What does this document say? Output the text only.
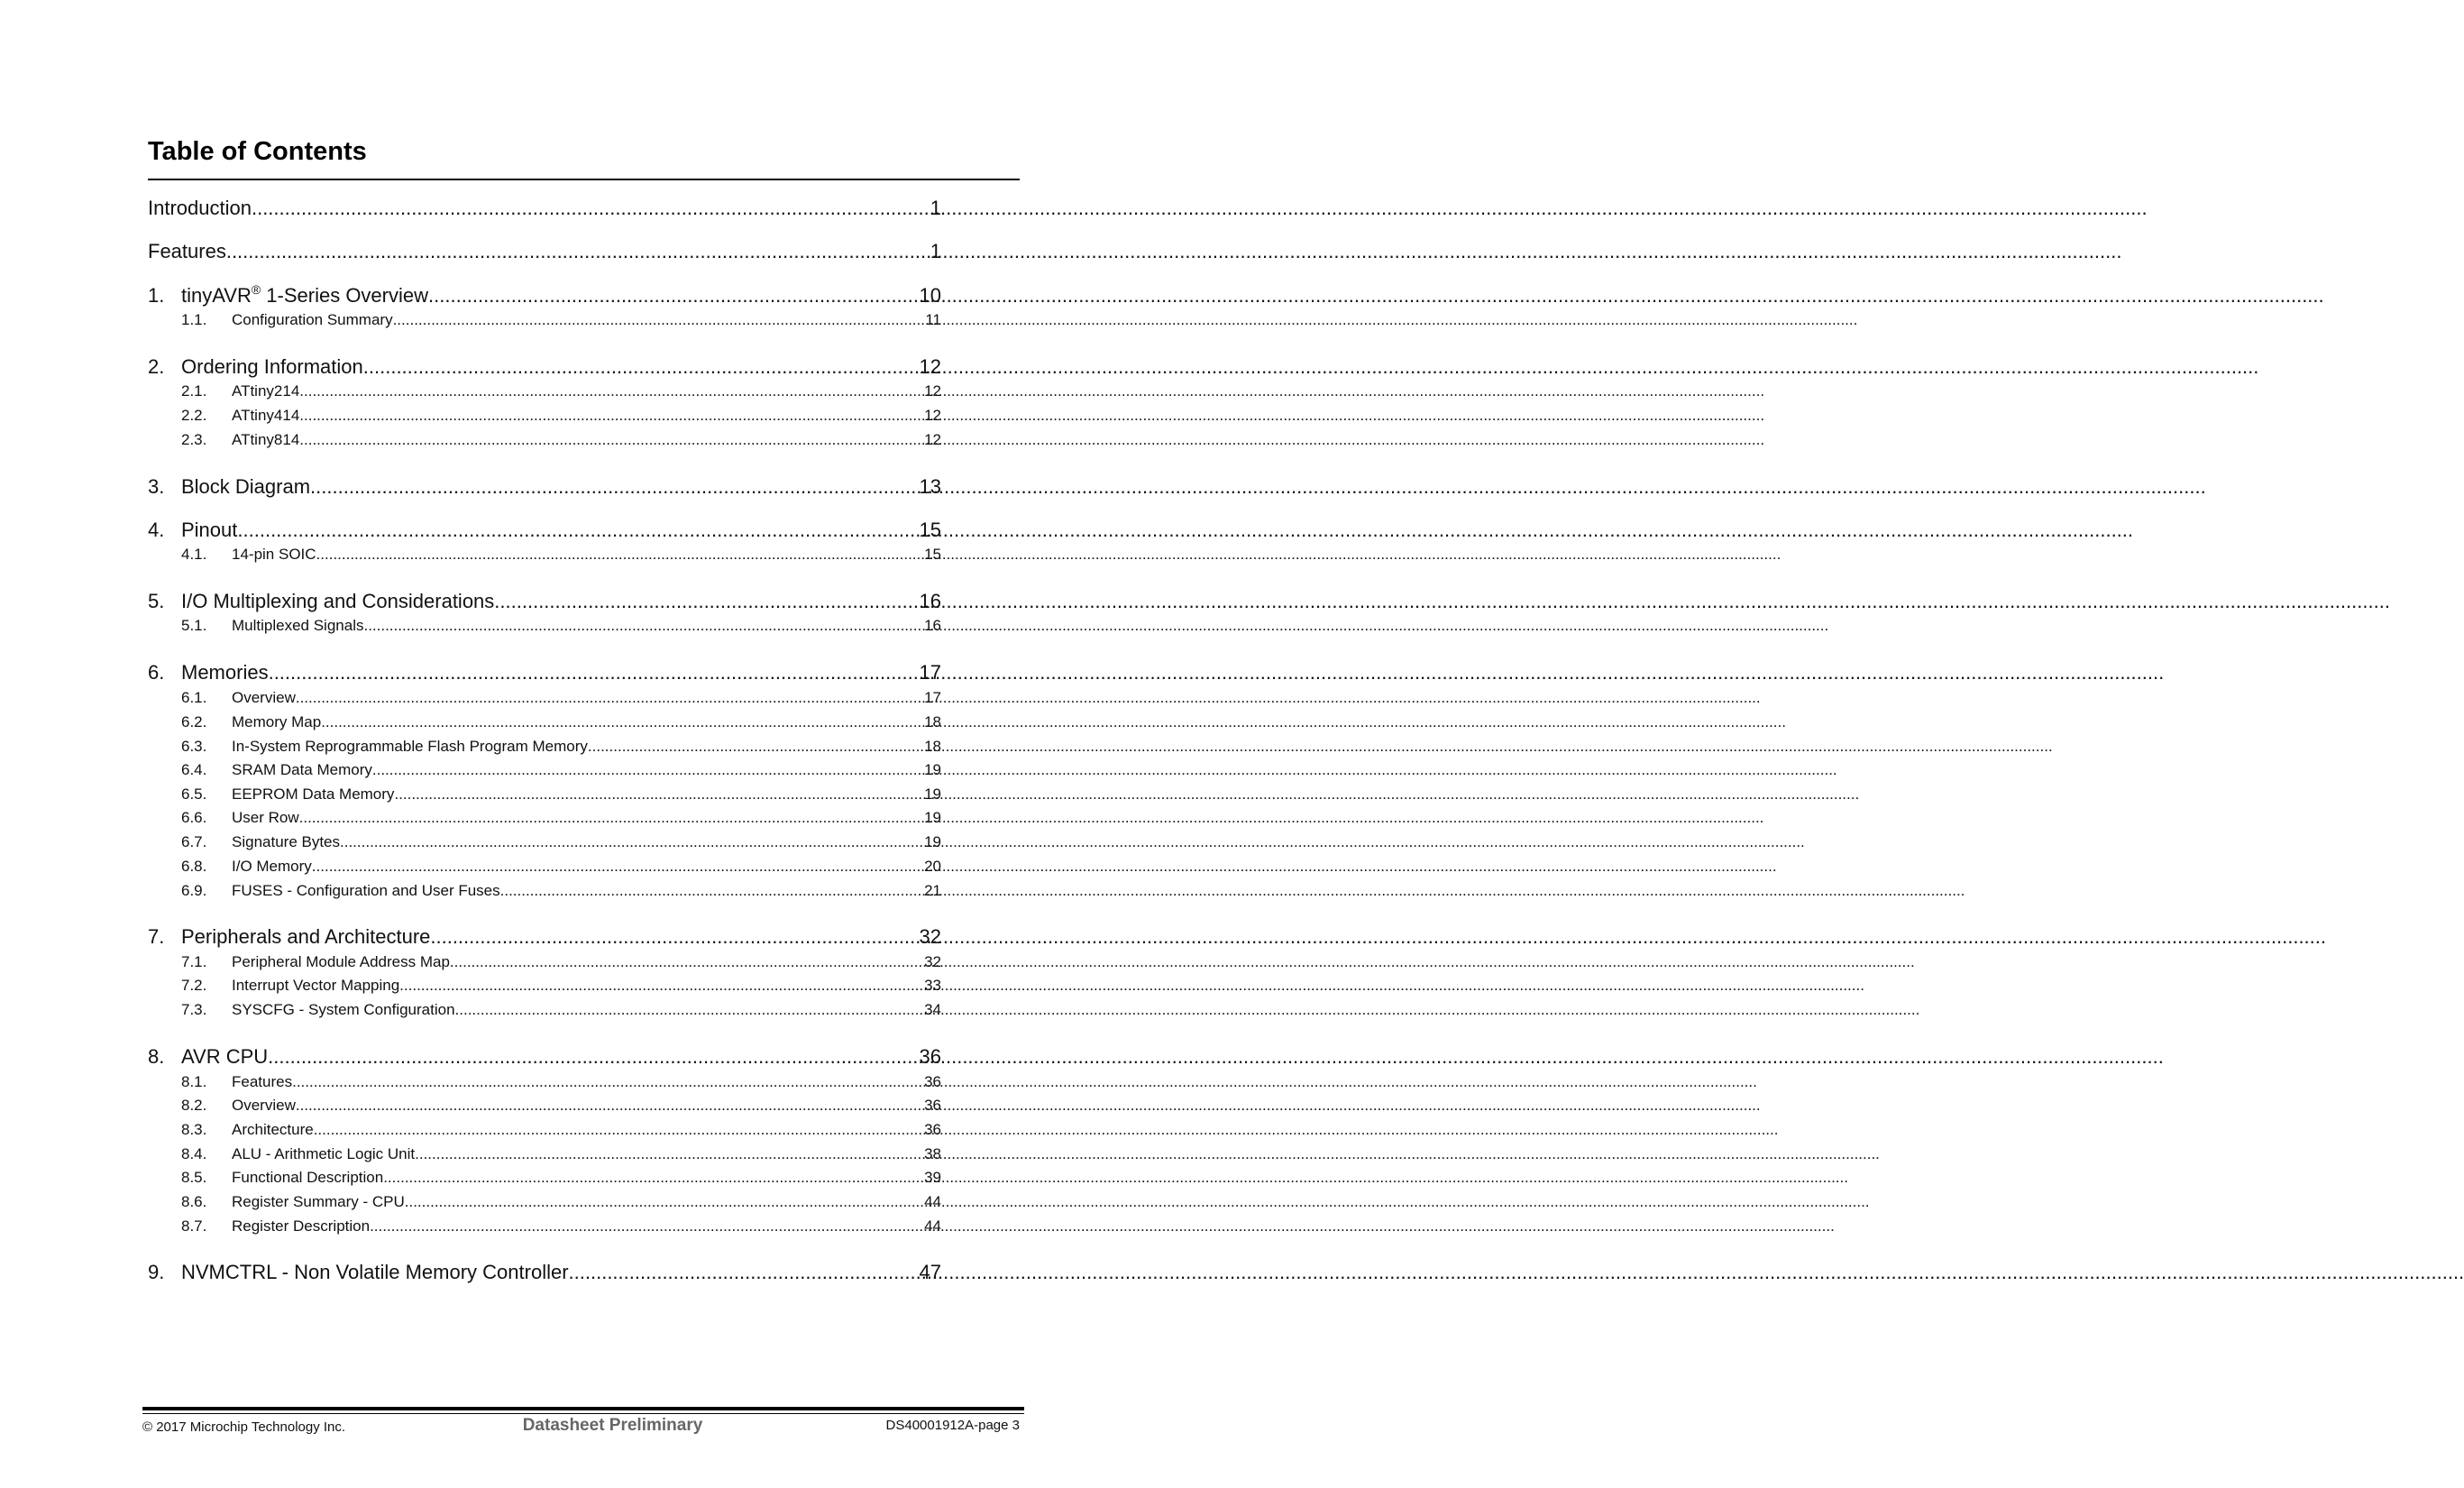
Table of Contents
Introduction .....	1
Features .....	1
1. tinyAVR® 1-Series Overview .....	10
1.1.	Configuration Summary .....	11
2. Ordering Information .....	12
2.1.	ATtiny214 .....	12
2.2.	ATtiny414 .....	12
2.3.	ATtiny814 .....	12
3. Block Diagram .....	13
4. Pinout .....	15
4.1.	14-pin SOIC .....	15
5. I/O Multiplexing and Considerations .....	16
5.1.	Multiplexed Signals .....	16
6. Memories .....	17
6.1.	Overview .....	17
6.2.	Memory Map .....	18
6.3.	In-System Reprogrammable Flash Program Memory .....	18
6.4.	SRAM Data Memory .....	19
6.5.	EEPROM Data Memory .....	19
6.6.	User Row .....	19
6.7.	Signature Bytes .....	19
6.8.	I/O Memory .....	20
6.9.	FUSES - Configuration and User Fuses .....	21
7. Peripherals and Architecture .....	32
7.1.	Peripheral Module Address Map .....	32
7.2.	Interrupt Vector Mapping .....	33
7.3.	SYSCFG - System Configuration .....	34
8. AVR CPU .....	36
8.1.	Features .....	36
8.2.	Overview .....	36
8.3.	Architecture .....	36
8.4.	ALU - Arithmetic Logic Unit .....	38
8.5.	Functional Description .....	39
8.6.	Register Summary - CPU .....	44
8.7.	Register Description .....	44
9. NVMCTRL - Non Volatile Memory Controller .....	47
© 2017 Microchip Technology Inc.	Datasheet Preliminary	DS40001912A-page 3
